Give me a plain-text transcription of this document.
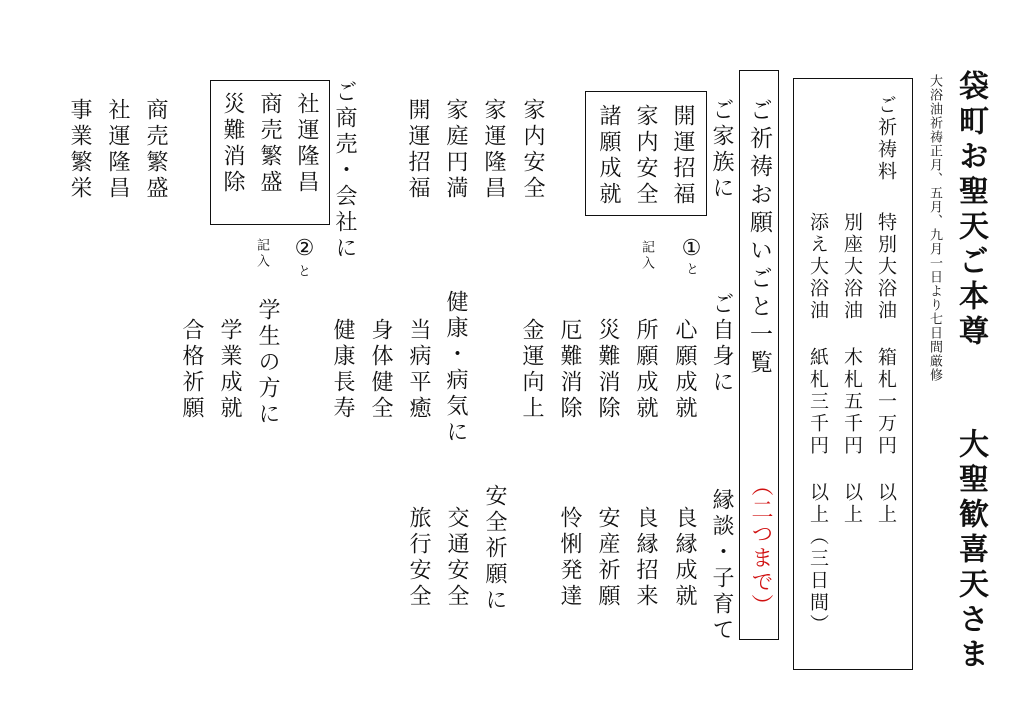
袋町お聖天ご本尊
大聖歓喜天さま
大浴油祈祷正月、五月、九月一日より七日間厳修
ご祈祷料
特別大浴油 箱札一万円 以上
別座大浴油 木札五千円 以上
添え大浴油 紙札三千円 以上（三日間）
ご祈祷お願いごと一覧
（二つまで）
ご自身に
心願成就
所願成就
災難消除
厄難消除
金運向上
縁談・子育て
良縁成就
良縁招来
安産祈願
怜悧発達
安全祈願に
交通安全
旅行安全
ご家族に
開運招福
家内安全
諸願成就
①
と
記入
家内安全
家運隆昌
家庭円満
開運招福
健康・病気に
当病平癒
身体健全
健康長寿
ご商売・会社に
社運隆昌
商売繁盛
災難消除
②
と
記入
学生の方に
学業成就
合格祈願
商売繁盛
社運隆昌
事業繁栄
